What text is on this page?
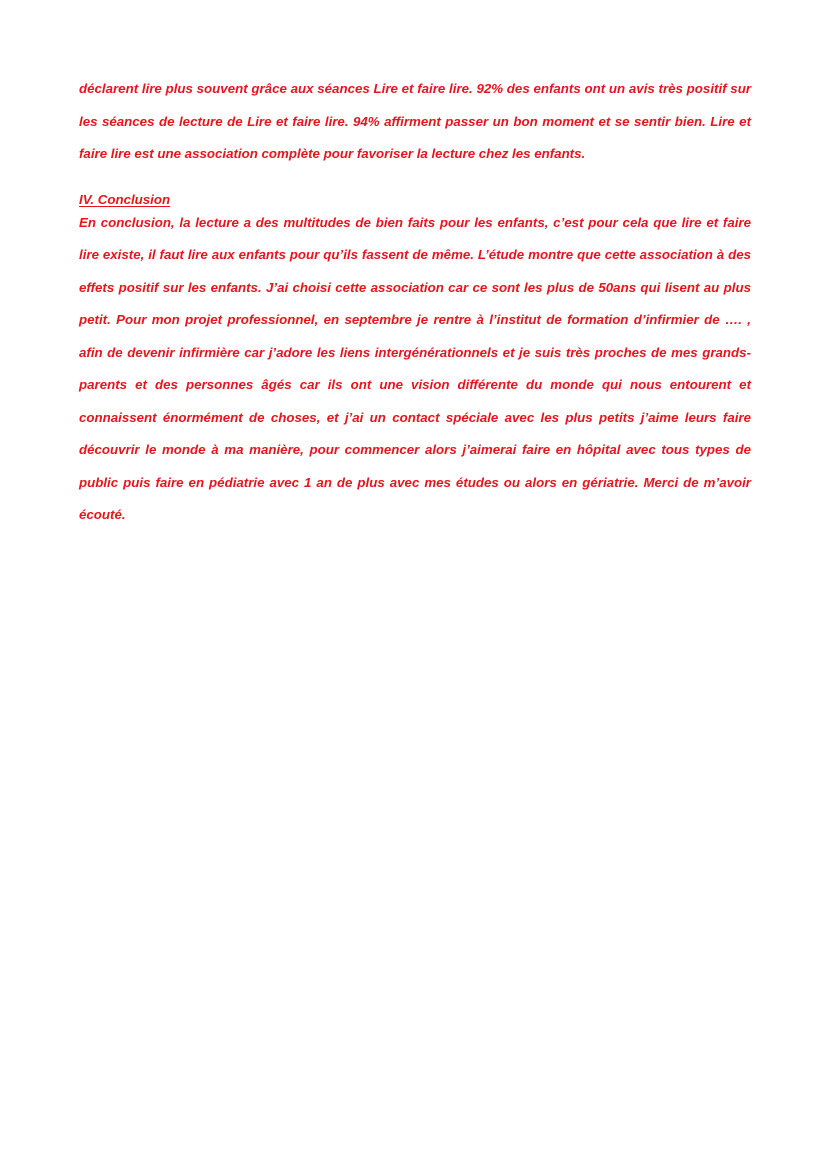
déclarent lire plus souvent grâce aux séances Lire et faire lire. 92% des enfants ont un avis très positif sur les séances de lecture de Lire et faire lire. 94% affirment passer un bon moment et se sentir bien. Lire et faire lire est une association complète pour favoriser la lecture chez les enfants.

IV. Conclusion

En conclusion, la lecture a des multitudes de bien faits pour les enfants, c’est pour cela que lire et faire lire existe, il faut lire aux enfants pour qu’ils fassent de même. L’étude montre que cette association à des effets positif sur les enfants. J’ai choisi cette association car ce sont les plus de 50ans qui lisent au plus petit. Pour mon projet professionnel, en septembre je rentre à l’institut de formation d’infirmier de …. , afin de devenir infirmière car j’adore les liens intergénérationnels et je suis très proches de mes grands-parents et des personnes âgés car ils ont une vision différente du monde qui nous entourent et connaissent énormément de choses, et j’ai un contact spéciale avec les plus petits j’aime leurs faire découvrir le monde à ma manière, pour commencer alors j’aimerai faire en hôpital avec tous types de public puis faire en pédiatrie avec 1 an de plus avec mes études ou alors en gériatrie. Merci de m’avoir écouté.
